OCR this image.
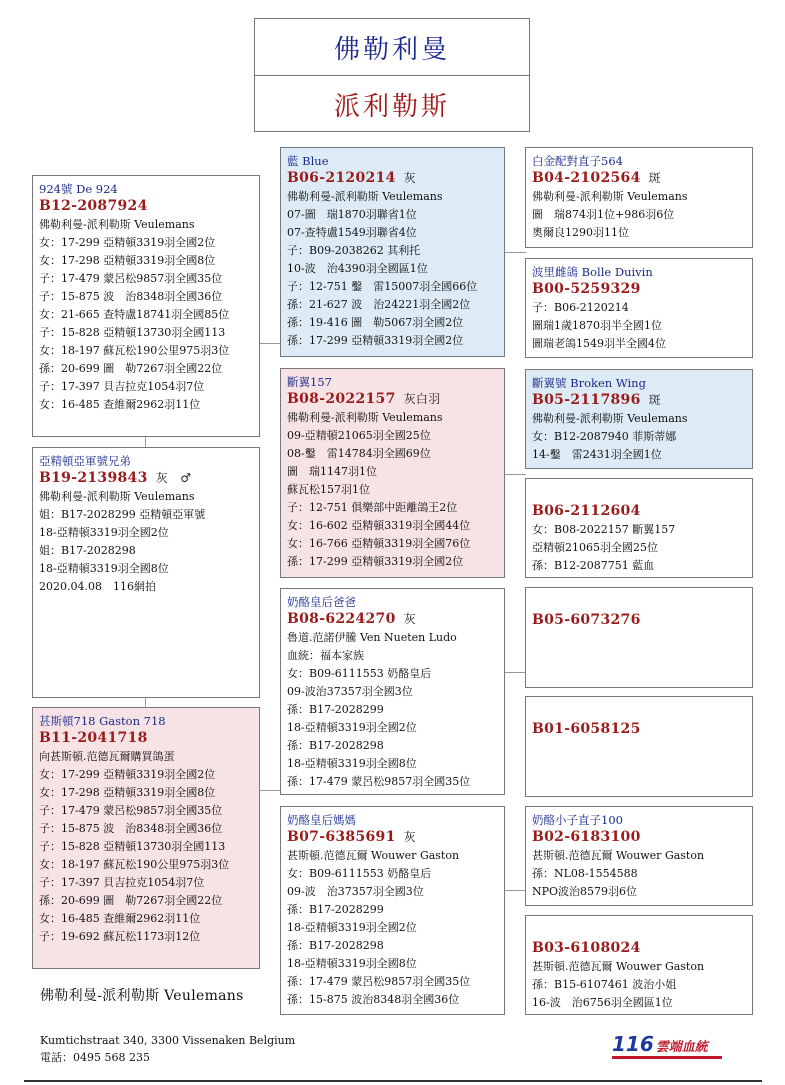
佛勒利曼
派利勒斯
924號 De 924
B12-2087924
佛勒利曼-派利勒斯 Veulemans
女：17-299 亞精頓3319羽全國2位
女：17-298 亞精頓3319羽全國8位
子：17-479 蒙呂松9857羽全國35位
子：15-875 波　治8348羽全國36位
女：21-665 查特盧18741羽全國85位
子：15-828 亞精頓13730羽全國113
女：18-197 蘇瓦松190公里975羽3位
孫：20-699 圖　勒7267羽全國22位
子：17-397 貝吉拉克1054羽7位
女：16-485 查維爾2962羽11位
藍 Blue
B06-2120214 灰
佛勒利曼-派利勒斯 Veulemans
07-圖　瑞1870羽聯省1位
07-查特盧1549羽聯省4位
子：B09-2038262 其利托
10-波　治4390羽全國區1位
子：12-751 鑿　雷15007羽全國66位
孫：21-627 波　治24221羽全國2位
孫：19-416 圖　勒5067羽全國2位
孫：17-299 亞精頓3319羽全國2位
白金配對直子564
B04-2102564 斑
佛勒利曼-派利勒斯 Veulemans
圖　瑞874羽1位+986羽6位
奧爾良1290羽11位
波里雌鴿 Bolle Duivin
B00-5259329
子：B06-2120214
圖瑞1歲1870羽半全國1位
圖瑞老鴿1549羽半全國4位
斷翼157
B08-2022157 灰白羽
佛勒利曼-派利勒斯 Veulemans
09-亞精頓21065羽全國25位
08-鑿　雷14784羽全國69位
圖　瑞1147羽1位
蘇瓦松157羽1位
子：12-751 俱樂部中距離鴿王2位
女：16-602 亞精頓3319羽全國44位
女：16-766 亞精頓3319羽全國76位
孫：17-299 亞精頓3319羽全國2位
斷翼號 Broken Wing
B05-2117896 斑
佛勒利曼-派利勒斯 Veulemans
女：B12-2087940 菲斯蒂娜
14-鑿　雷2431羽全國1位
B06-2112604
女：B08-2022157 斷翼157
亞精頓21065羽全國25位
孫：B12-2087751 藍血
亞精頓亞軍號兄弟
B19-2139843 灰　♂
佛勒利曼-派利勒斯 Veulemans
姐：B17-2028299 亞精頓亞軍號
18-亞精頓3319羽全國2位
姐：B17-2028298
18-亞精頓3319羽全國8位
2020.04.08　116網拍
奶酪皇后爸爸
B08-6224270 灰
魯道.范諾伊騰 Ven Nueten Ludo
血統：福本家族
女：B09-6111553 奶酪皇后
09-波治37357羽全國3位
孫：B17-2028299
18-亞精頓3319羽全國2位
孫：B17-2028298
18-亞精頓3319羽全國8位
孫：17-479 蒙呂松9857羽全國35位
B05-6073276
B01-6058125
甚斯頓718 Gaston 718
B11-2041718
向甚斯頓.范德瓦爾購買鴿蛋
女：17-299 亞精頓3319羽全國2位
女：17-298 亞精頓3319羽全國8位
子：17-479 蒙呂松9857羽全國35位
子：15-875 波　治8348羽全國36位
子：15-828 亞精頓13730羽全國113
女：18-197 蘇瓦松190公里975羽3位
子：17-397 貝吉拉克1054羽7位
孫：20-699 圖　勒7267羽全國22位
女：16-485 查維爾2962羽11位
子：19-692 蘇瓦松1173羽12位
奶酪皇后媽媽
B07-6385691 灰
甚斯頓.范德瓦爾 Wouwer Gaston
女：B09-6111553 奶酪皇后
09-波　治37357羽全國3位
孫：B17-2028299
18-亞精頓3319羽全國2位
孫：B17-2028298
18-亞精頓3319羽全國8位
孫：17-479 蒙呂松9857羽全國35位
孫：15-875 波治8348羽全國36位
奶酪小子直子100
B02-6183100
甚斯頓.范德瓦爾 Wouwer Gaston
孫：NL08-1554588
NPO波治8579羽6位
B03-6108024
甚斯頓.范德瓦爾 Wouwer Gaston
孫：B15-6107461 波治小姐
16-波　治6756羽全國區1位
佛勒利曼-派利勒斯 Veulemans
Kumtichstraat 340, 3300 Vissenaken Belgium
電話：0495 568 235
116 雲端血統
